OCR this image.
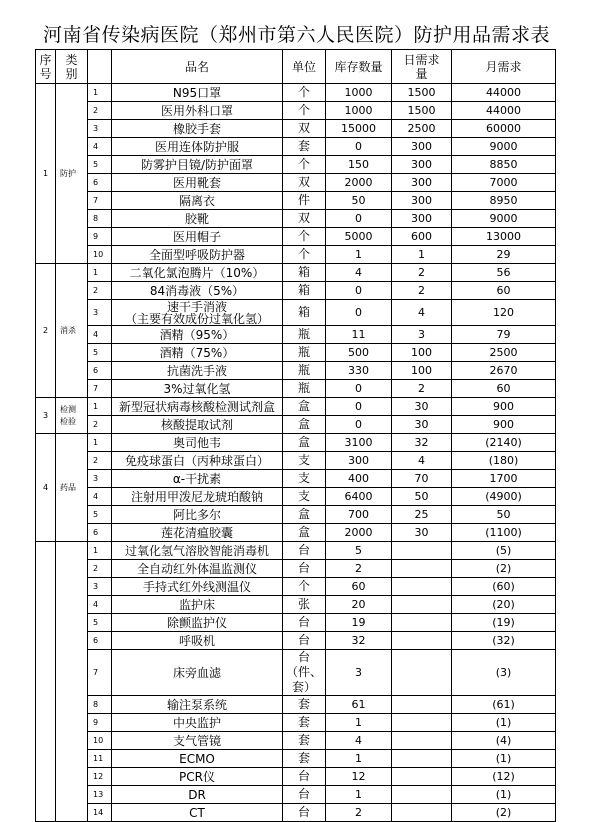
河南省传染病医院（郑州市第六人民医院）防护用品需求表
序号	类别		品名	单位	库存数量	日需求量	月需求
1	防护	1	N95口罩	个	1000	1500	44000
		2	医用外科口罩	个	1000	1500	44000
		3	橡胶手套	双	15000	2500	60000
		4	医用连体防护服	套	0	300	9000
		5	防雾护目镜/防护面罩	个	150	300	8850
		6	医用靴套	双	2000	300	7000
		7	隔离衣	件	50	300	8950
		8	胶靴	双	0	300	9000
		9	医用帽子	个	5000	600	13000
		10	全面型呼吸防护器	个	1	1	29
2	消杀	1	二氧化氯泡腾片（10%）	箱	4	2	56
		2	84消毒液（5%）	箱	0	2	60
		3	速干手消液
（主要有效成份过氧化氢）	箱	0	4	120
		4	酒精（95%）	瓶	11	3	79
		5	酒精（75%）	瓶	500	100	2500
		6	抗菌洗手液	瓶	330	100	2670
		7	3%过氧化氢	瓶	0	2	60
3	检测
检验	1	新型冠状病毒核酸检测试剂盒	盒	0	30	900
		2	核酸提取试剂	盒	0	30	900
4	药品	1	奥司他韦	盒	3100	32	(2140)
		2	免疫球蛋白（丙种球蛋白）	支	300	4	(180)
		3	α-干扰素	支	400	70	1700
		4	注射用甲泼尼龙琥珀酸钠	支	6400	50	(4900)
		5	阿比多尔	盒	700	25	50
		6	莲花清瘟胶囊	盒	2000	30	(1100)
		1	过氧化氢气溶胶智能消毒机	台	5		(5)
		2	全自动红外体温监测仪	台	2		(2)
		3	手持式红外线测温仪	个	60		(60)
		4	监护床	张	20		(20)
		5	除颤监护仪	台	19		(19)
		6	呼吸机	台	32		(32)
		7	床旁血滤	台（件、套）	3		(3)
		8	输注泵系统	套	61		(61)
		9	中央监护	套	1		(1)
		10	支气管镜	套	4		(4)
		11	ECMO	套	1		(1)
		12	PCR仪	台	12		(12)
		13	DR	台	1		(1)
		14	CT	台	2		(2)
